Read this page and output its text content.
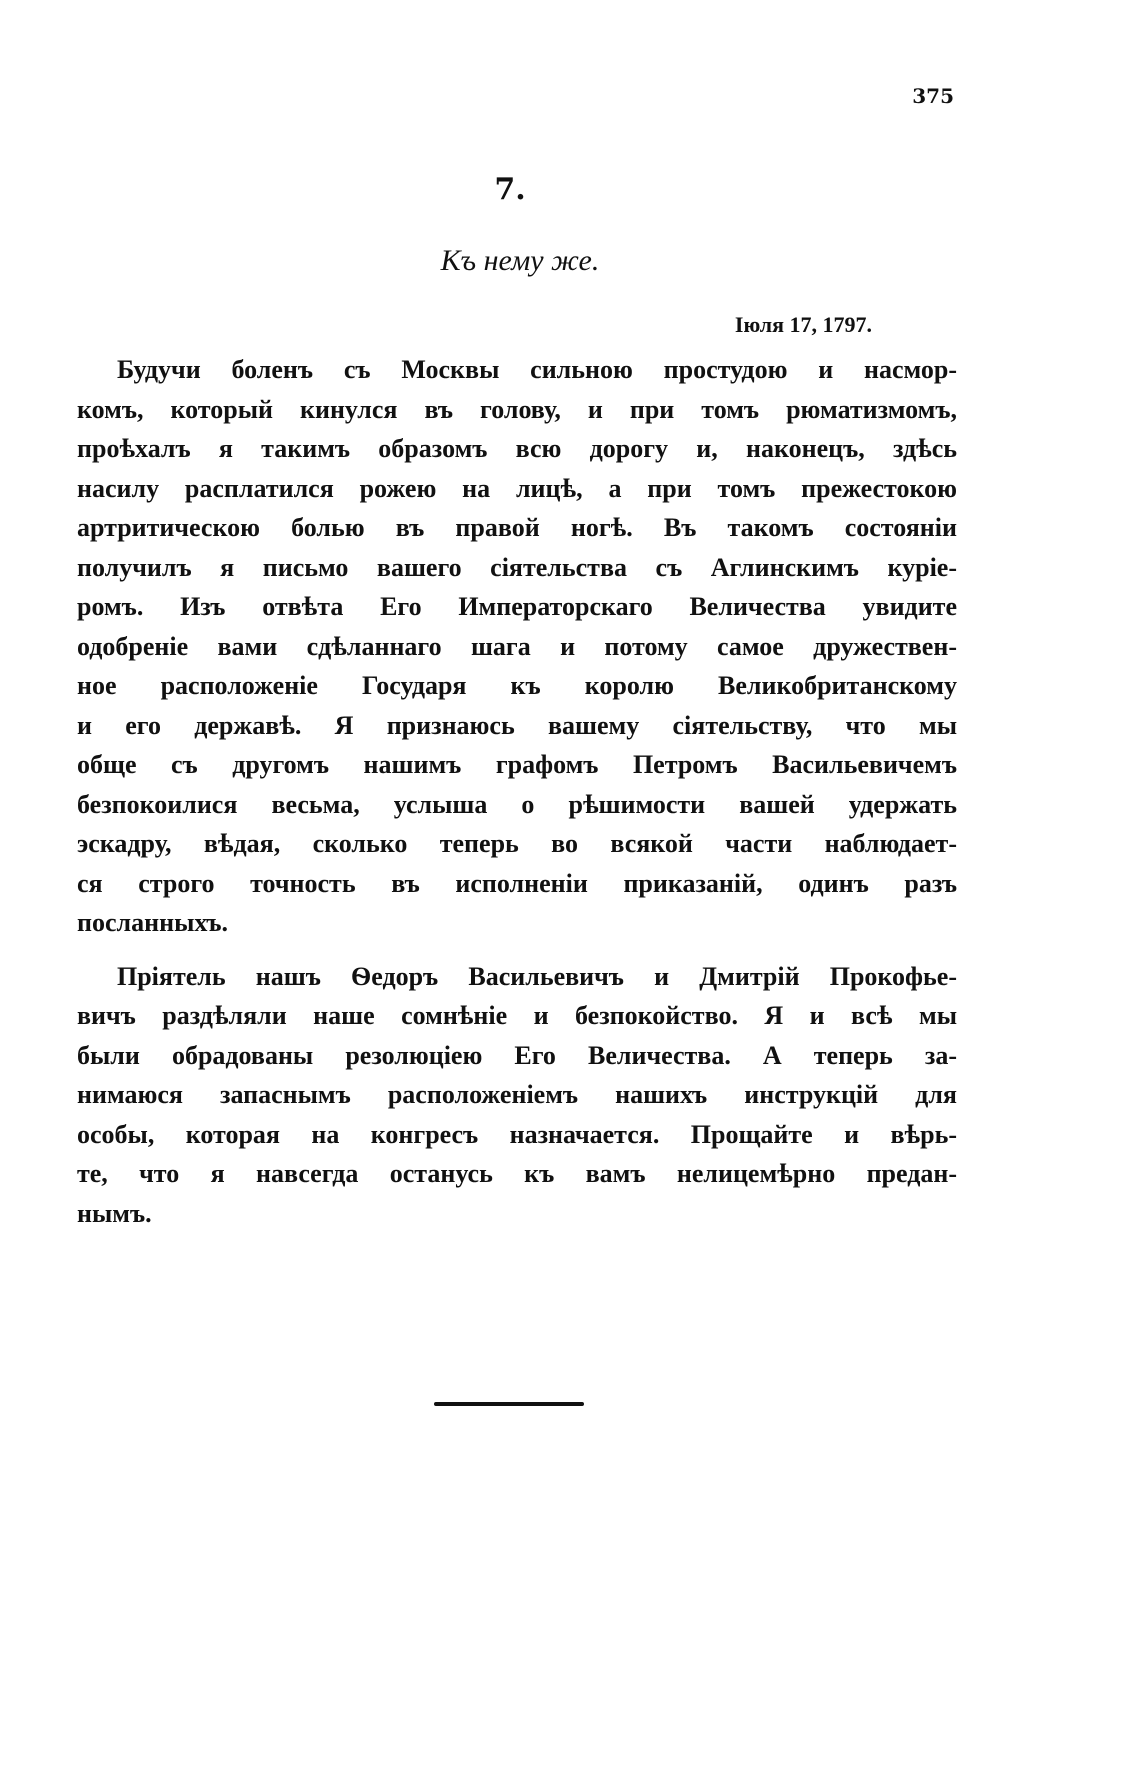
375
7.
Къ нему же.
Iюля 17, 1797.
Будучи боленъ съ Москвы сильною простудою и насмор-
комъ, который кинулся въ голову, и при томъ рюматизмомъ,
проѣхалъ я такимъ образомъ всю дорогу и, наконецъ, здѣсь
насилу расплатился рожею на лицѣ, а при томъ прежестокою
артритическою болью въ правой ногѣ. Въ такомъ состоянiи
получилъ я письмо вашего сiятельства съ Аглинскимъ курiе-
ромъ. Изъ отвѣта Его Императорскаго Величества увидите
одобренiе вами сдѣланнаго шага и потому самое дружествен-
ное расположенiе Государя къ королю Великобританскому
и его державѣ. Я признаюсь вашему сiятельству, что мы
обще съ другомъ нашимъ графомъ Петромъ Васильевичемъ
безпокоилися весьма, услыша о рѣшимости вашей удержать
эскадру, вѣдая, сколько теперь во всякой части наблюдает-
ся строго точность въ исполненiи приказанiй, одинъ разъ
посланныхъ.
Прiятель нашъ Ѳедоръ Васильевичъ и Дмитрiй Прокофье-
вичъ раздѣляли наше сомнѣнiе и безпокойство. Я и всѣ мы
были обрадованы резолюцiею Его Величества. А теперь за-
нимаюся запаснымъ расположенiемъ нашихъ инструкцiй для
особы, которая на конгресъ назначается. Прощайте и вѣрь-
те, что я навсегда останусь къ вамъ нелицемѣрно предан-
нымъ.
